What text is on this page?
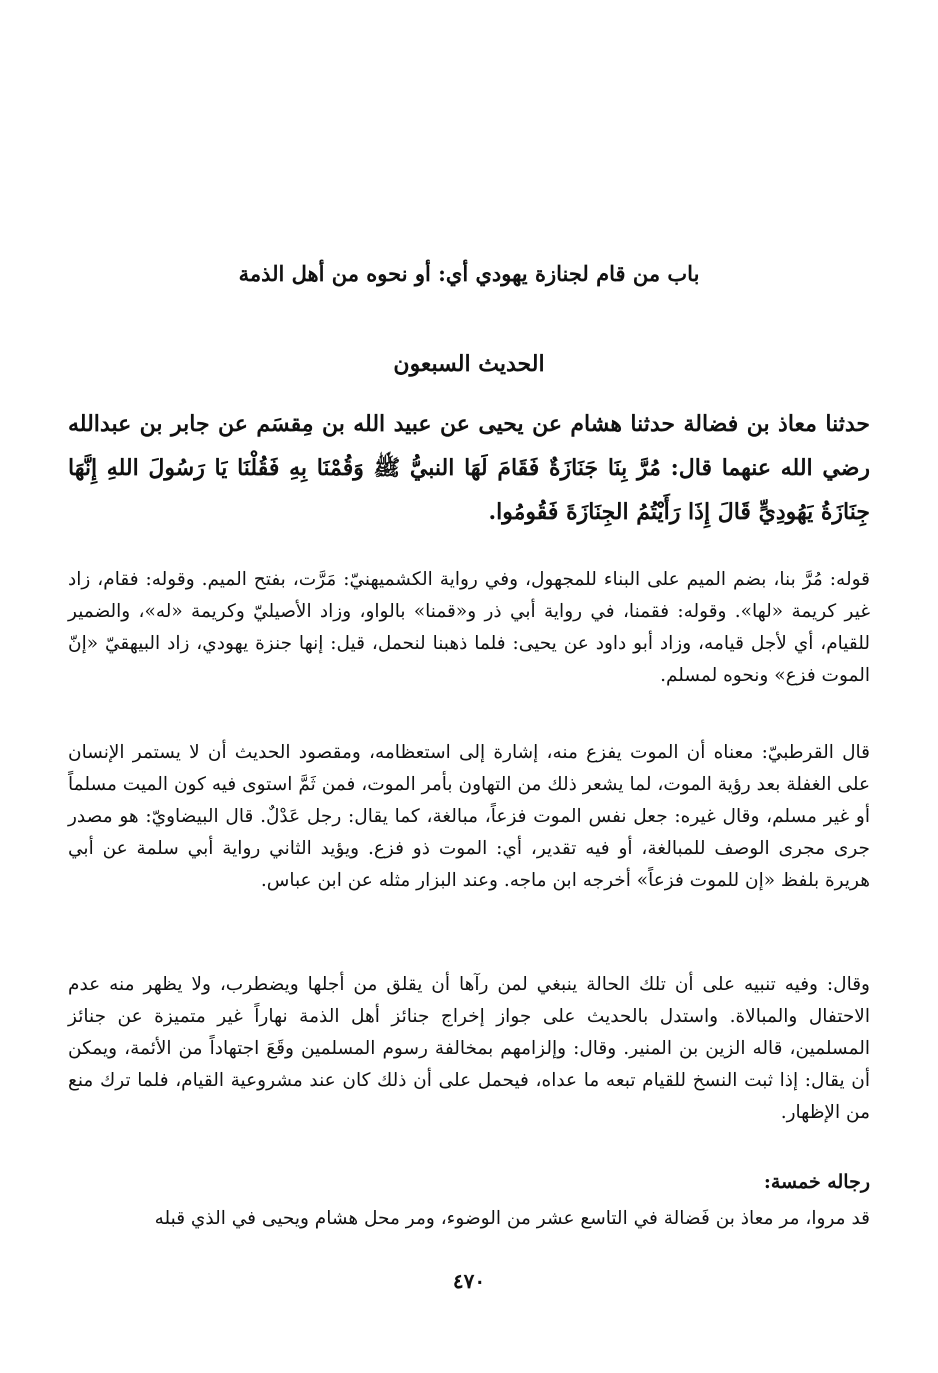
باب من قام لجنازة يهودي أي: أو نحوه من أهل الذمة
الحديث السبعون

حدثنا معاذ بن فضالة حدثنا هشام عن يحيى عن عبيد الله بن مِقسَم عن جابر بن عبدالله رضي الله عنهما قال: مُرَّ بِنَا جَنَازَةٌ فَقَامَ لَهَا النبيُّ ﷺ وَقُمْنَا بِهِ فَقُلْنَا يَا رَسُولَ اللهِ إِنَّهَا جِنَازَةُ يَهُودِيٍّ قَالَ إِذَا رَأَيْتُمُ الجِنَازَةَ فَقُومُوا.

قوله: مُرَّ بنا، بضم الميم على البناء للمجهول، وفي رواية الكشميهنيّ: مَرَّت، بفتح الميم. وقوله: فقام، زاد غير كريمة «لها». وقوله: فقمنا، في رواية أبي ذر و«قمنا» بالواو، وزاد الأصيليّ وكريمة «له»، والضمير للقيام، أي لأجل قيامه، وزاد أبو داود عن يحيى: فلما ذهبنا لنحمل، قيل: إنها جنزة يهودي، زاد البيهقيّ «إنّ الموت فزع» ونحوه لمسلم.

قال القرطبيّ: معناه أن الموت يفزع منه، إشارة إلى استعظامه، ومقصود الحديث أن لا يستمر الإنسان على الغفلة بعد رؤية الموت، لما يشعر ذلك من التهاون بأمر الموت، فمن ثَمَّ استوى فيه كون الميت مسلماً أو غير مسلم، وقال غيره: جعل نفس الموت فزعاً، مبالغة، كما يقال: رجل عَدْلٌ. قال البيضاويّ: هو مصدر جرى مجرى الوصف للمبالغة، أو فيه تقدير، أي: الموت ذو فزع. ويؤيد الثاني رواية أبي سلمة عن أبي هريرة بلفظ «إن للموت فزعاً» أخرجه ابن ماجه. وعند البزار مثله عن ابن عباس.

وقال: وفيه تنبيه على أن تلك الحالة ينبغي لمن رآها أن يقلق من أجلها ويضطرب، ولا يظهر منه عدم الاحتفال والمبالاة. واستدل بالحديث على جواز إخراج جنائز أهل الذمة نهاراً غير متميزة عن جنائز المسلمين، قاله الزين بن المنير. وقال: وإلزامهم بمخالفة رسوم المسلمين وقَعَ اجتهاداً من الأئمة، ويمكن أن يقال: إذا ثبت النسخ للقيام تبعه ما عداه، فيحمل على أن ذلك كان عند مشروعية القيام، فلما ترك منع من الإظهار.

رجاله خمسة:

قد مروا، مر معاذ بن فَضالة في التاسع عشر من الوضوء، ومر محل هشام ويحيى في الذي قبله

٤٧٠
